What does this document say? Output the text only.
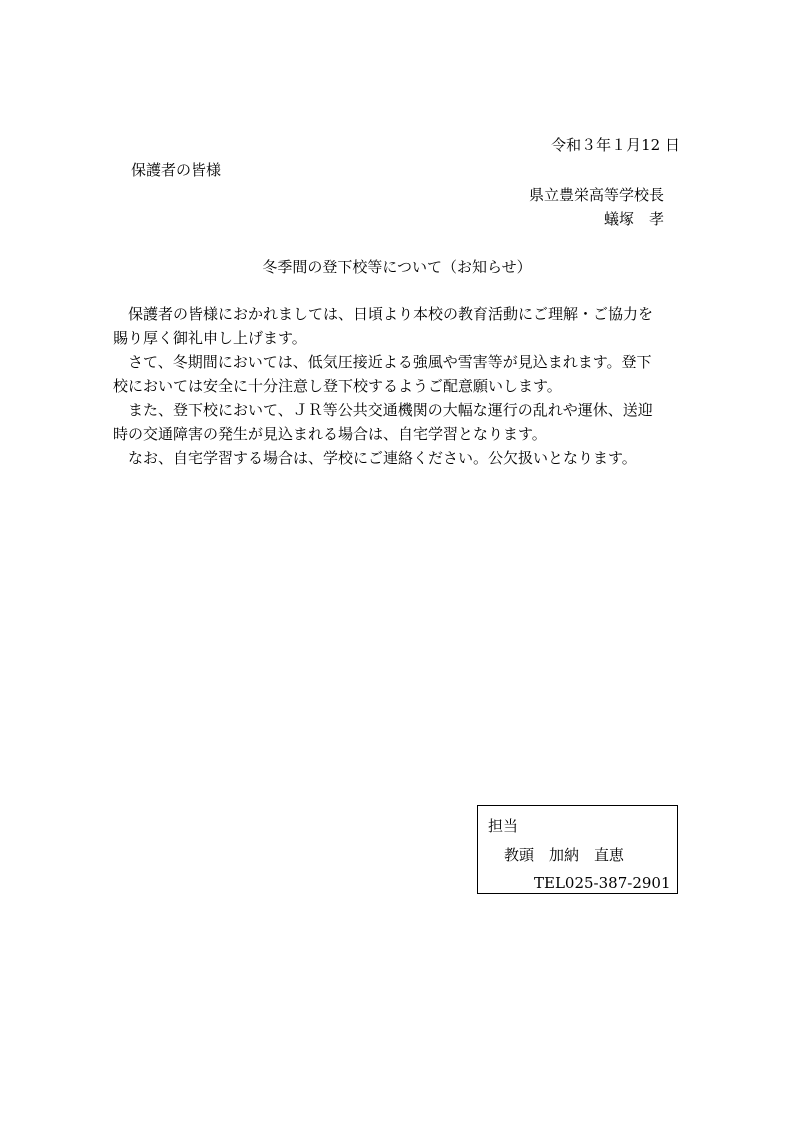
令和３年１月12 日
保護者の皆様
県立豊栄高等学校長
蟻塚　孝
冬季間の登下校等について（お知らせ）
　保護者の皆様におかれましては、日頃より本校の教育活動にご理解・ご協力を
賜り厚く御礼申し上げます。
　さて、冬期間においては、低気圧接近よる強風や雪害等が見込まれます。登下
校においては安全に十分注意し登下校するようご配意願いします。
　また、登下校において、ＪＲ等公共交通機関の大幅な運行の乱れや運休、送迎
時の交通障害の発生が見込まれる場合は、自宅学習となります。
　なお、自宅学習する場合は、学校にご連絡ください。公欠扱いとなります。
担当
教頭　加納　直恵
TEL025-387-2901
